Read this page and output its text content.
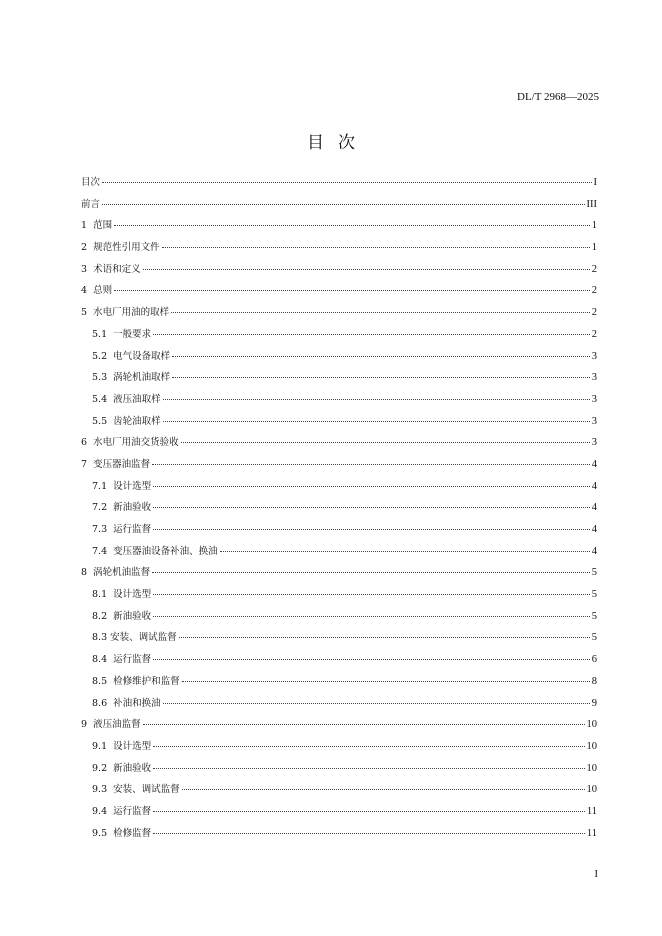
DL/T 2968—2025
目次
目次	I
前言	III
1  范围	1
2  规范性引用文件	1
3  术语和定义	2
4  总则	2
5  水电厂用油的取样	2
5.1  一般要求	2
5.2  电气设备取样	3
5.3  涡轮机油取样	3
5.4  液压油取样	3
5.5  齿轮油取样	3
6  水电厂用油交货验收	3
7  变压器油监督	4
7.1  设计选型	4
7.2  新油验收	4
7.3  运行监督	4
7.4  变压器油设备补油、换油	4
8  涡轮机油监督	5
8.1  设计选型	5
8.2  新油验收	5
8.3 安装、调试监督	5
8.4  运行监督	6
8.5  检修维护和监督	8
8.6  补油和换油	9
9  液压油监督	10
9.1  设计选型	10
9.2  新油验收	10
9.3  安装、调试监督	10
9.4  运行监督	11
9.5  检修监督	11
I
